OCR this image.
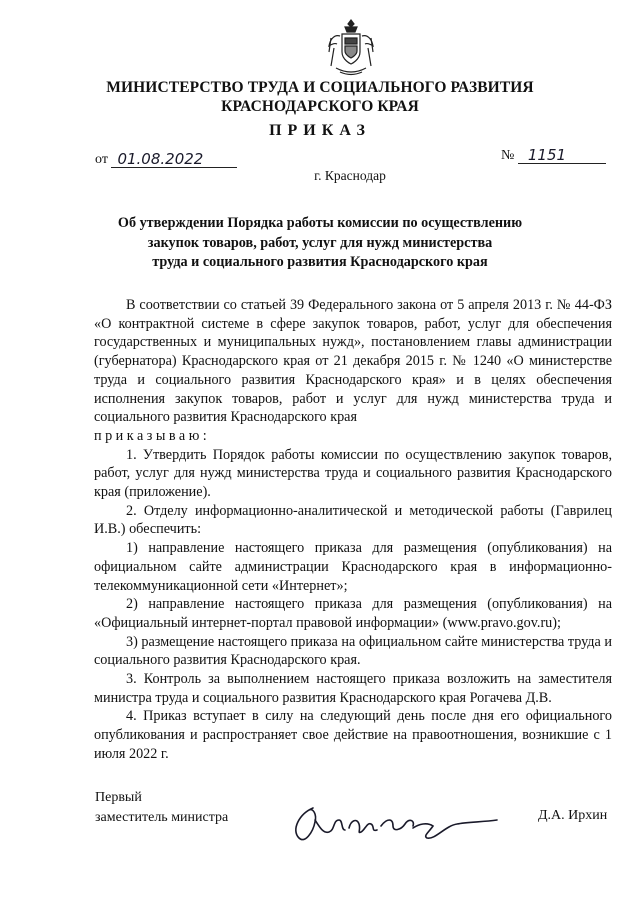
МИНИСТЕРСТВО ТРУДА И СОЦИАЛЬНОГО РАЗВИТИЯ
КРАСНОДАРСКОГО КРАЯ
ПРИКАЗ
от 01.08.2022	№ 1151
г. Краснодар
Об утверждении Порядка работы комиссии по осуществлению
закупок товаров, работ, услуг для нужд министерства
труда и социального развития Краснодарского края

В соответствии со статьей 39 Федерального закона от 5 апреля 2013 г. № 44-ФЗ «О контрактной системе в сфере закупок товаров, работ, услуг для обеспечения государственных и муниципальных нужд», постановлением главы администрации (губернатора) Краснодарского края от 21 декабря 2015 г. № 1240 «О министерстве труда и социального развития Краснодарского края» и в целях обеспечения исполнения закупок товаров, работ и услуг для нужд министерства труда и социального развития Краснодарского края

приказываю:

1. Утвердить Порядок работы комиссии по осуществлению закупок товаров, работ, услуг для нужд министерства труда и социального развития Краснодарского края (приложение).

2. Отделу информационно-аналитической и методической работы (Гаврилец И.В.) обеспечить:

1) направление настоящего приказа для размещения (опубликования) на официальном сайте администрации Краснодарского края в информационно-телекоммуникационной сети «Интернет»;

2) направление настоящего приказа для размещения (опубликования) на «Официальный интернет-портал правовой информации» (www.pravo.gov.ru);

3) размещение настоящего приказа на официальном сайте министерства труда и социального развития Краснодарского края.

3. Контроль за выполнением настоящего приказа возложить на заместителя министра труда и социального развития Краснодарского края Рогачева Д.В.

4. Приказ вступает в силу на следующий день после дня его официального опубликования и распространяет свое действие на правоотношения, возникшие с 1 июля 2022 г.

Первый
заместитель министра	Д.А. Ирхин
